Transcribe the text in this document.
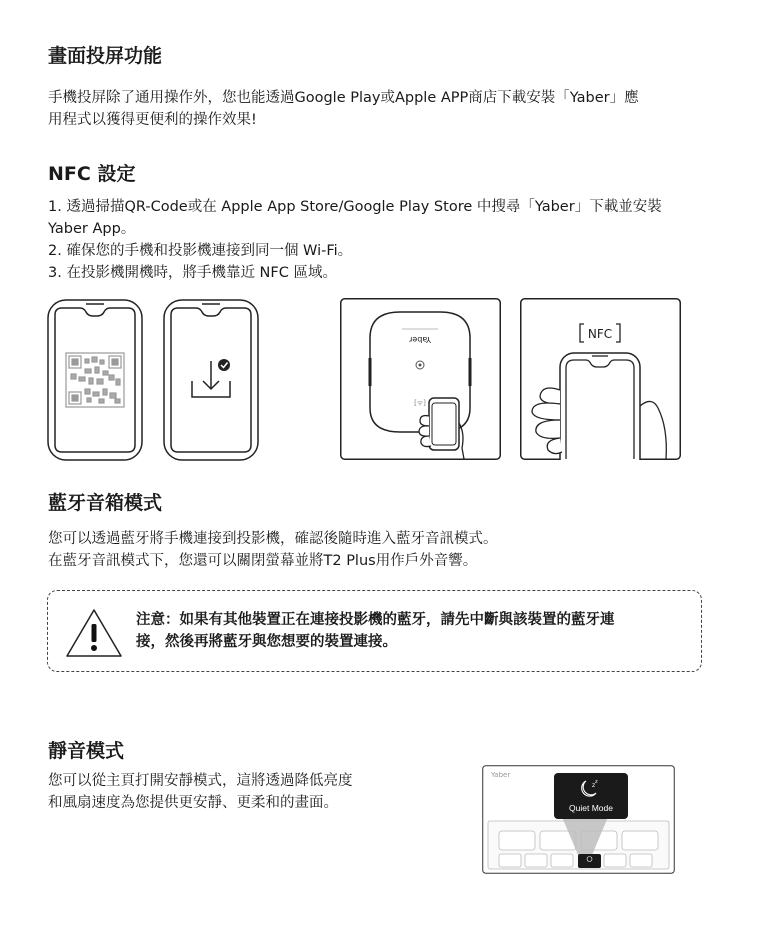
畫面投屏功能
手機投屏除了通用操作外，您也能透過Google Play或Apple APP商店下載安裝「Yaber」應
用程式以獲得更便利的操作效果!
NFC 設定
1. 透過掃描QR-Code或在 Apple App Store/Google Play Store 中搜尋「Yaber」下載並安裝
Yaber App。
2. 確保您的手機和投影機連接到同一個 Wi-Fi。
3. 在投影機開機時，將手機靠近 NFC 區域。
Yaber
[ᯤ]
NFC
藍牙音箱模式
您可以透過藍牙將手機連接到投影機，確認後隨時進入藍牙音訊模式。
在藍牙音訊模式下，您還可以關閉螢幕並將T2 Plus用作戶外音響。
注意：如果有其他裝置正在連接投影機的藍牙，請先中斷與該裝置的藍牙連
接，然後再將藍牙與您想要的裝置連接。
靜音模式
您可以從主頁打開安靜模式，這將透過降低亮度
和風扇速度為您提供更安靜、更柔和的畫面。
Yaber
z z
Quiet Mode
